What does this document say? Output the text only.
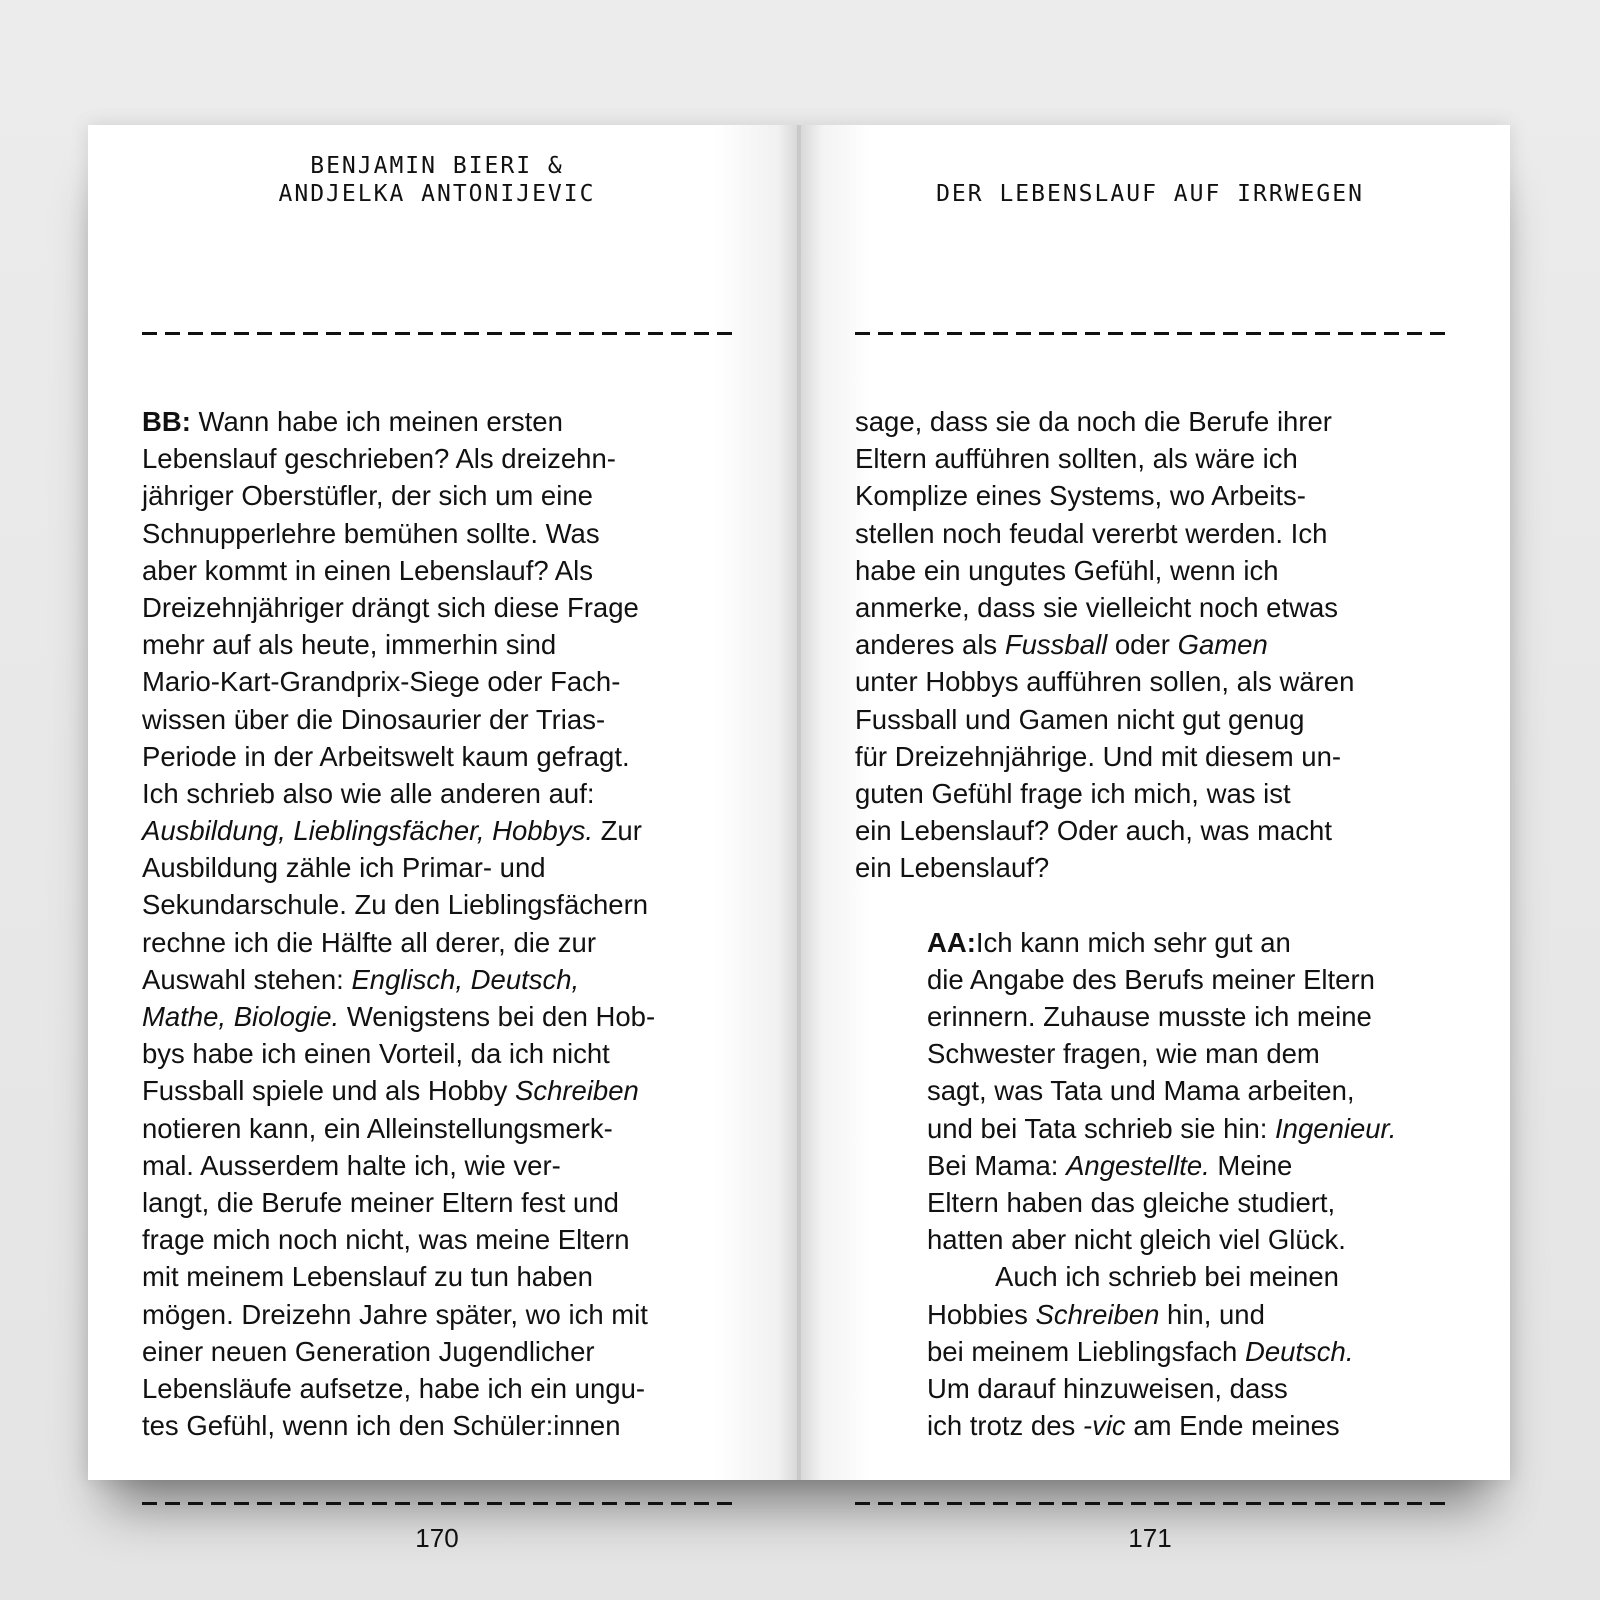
BENJAMIN BIERI &
ANDJELKA ANTONIJEVIC
BB: Wann habe ich meinen ersten
Lebenslauf geschrieben? Als dreizehn-
jähriger Oberstüfler, der sich um eine
Schnupperlehre bemühen sollte. Was
aber kommt in einen Lebenslauf? Als
Dreizehnjähriger drängt sich diese Frage
mehr auf als heute, immerhin sind
Mario-Kart-Grandprix-Siege oder Fach-
wissen über die Dinosaurier der Trias-
Periode in der Arbeitswelt kaum gefragt.
Ich schrieb also wie alle anderen auf:
Ausbildung, Lieblingsfächer, Hobbys. Zur
Ausbildung zähle ich Primar- und
Sekundarschule. Zu den Lieblingsfächern
rechne ich die Hälfte all derer, die zur
Auswahl stehen: Englisch, Deutsch,
Mathe, Biologie. Wenigstens bei den Hob-
bys habe ich einen Vorteil, da ich nicht
Fussball spiele und als Hobby Schreiben
notieren kann, ein Alleinstellungsmerk-
mal. Ausserdem halte ich, wie ver-
langt, die Berufe meiner Eltern fest und
frage mich noch nicht, was meine Eltern
mit meinem Lebenslauf zu tun haben
mögen. Dreizehn Jahre später, wo ich mit
einer neuen Generation Jugendlicher
Lebensläufe aufsetze, habe ich ein ungu-
tes Gefühl, wenn ich den Schüler:innen
170
DER LEBENSLAUF AUF IRRWEGEN
sage, dass sie da noch die Berufe ihrer
Eltern aufführen sollten, als wäre ich
Komplize eines Systems, wo Arbeits-
stellen noch feudal vererbt werden. Ich
habe ein ungutes Gefühl, wenn ich
anmerke, dass sie vielleicht noch etwas
anderes als Fussball oder Gamen
unter Hobbys aufführen sollen, als wären
Fussball und Gamen nicht gut genug
für Dreizehnjährige. Und mit diesem un-
guten Gefühl frage ich mich, was ist
ein Lebenslauf? Oder auch, was macht
ein Lebenslauf?
AA:Ich kann mich sehr gut an
die Angabe des Berufs meiner Eltern
erinnern. Zuhause musste ich meine
Schwester fragen, wie man dem
sagt, was Tata und Mama arbeiten,
und bei Tata schrieb sie hin: Ingenieur.
Bei Mama: Angestellte. Meine
Eltern haben das gleiche studiert,
hatten aber nicht gleich viel Glück.
Auch ich schrieb bei meinen
Hobbies Schreiben hin, und
bei meinem Lieblingsfach Deutsch.
Um darauf hinzuweisen, dass
ich trotz des -vic am Ende meines
171
